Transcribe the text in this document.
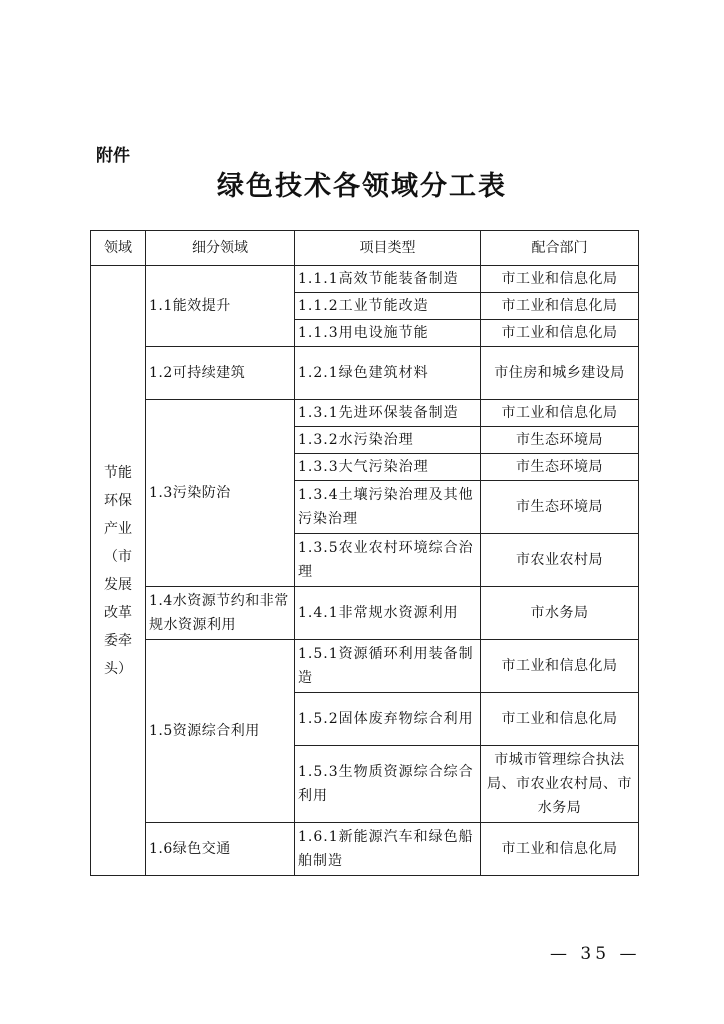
附件
绿色技术各领域分工表
领域	细分领域	项目类型	配合部门
节能环保产业（市发展改革委牵头）	1.1能效提升	1.1.1高效节能装备制造	市工业和信息化局
		1.1.2工业节能改造	市工业和信息化局
		1.1.3用电设施节能	市工业和信息化局
	1.2可持续建筑	1.2.1绿色建筑材料	市住房和城乡建设局
	1.3污染防治	1.3.1先进环保装备制造	市工业和信息化局
		1.3.2水污染治理	市生态环境局
		1.3.3大气污染治理	市生态环境局
		1.3.4土壤污染治理及其他污染治理	市生态环境局
		1.3.5农业农村环境综合治理	市农业农村局
	1.4水资源节约和非常规水资源利用	1.4.1非常规水资源利用	市水务局
	1.5资源综合利用	1.5.1资源循环利用装备制造	市工业和信息化局
		1.5.2固体废弃物综合利用	市工业和信息化局
		1.5.3生物质资源综合综合利用	市城市管理综合执法局、市农业农村局、市水务局
	1.6绿色交通	1.6.1新能源汽车和绿色船舶制造	市工业和信息化局
— 35 —
